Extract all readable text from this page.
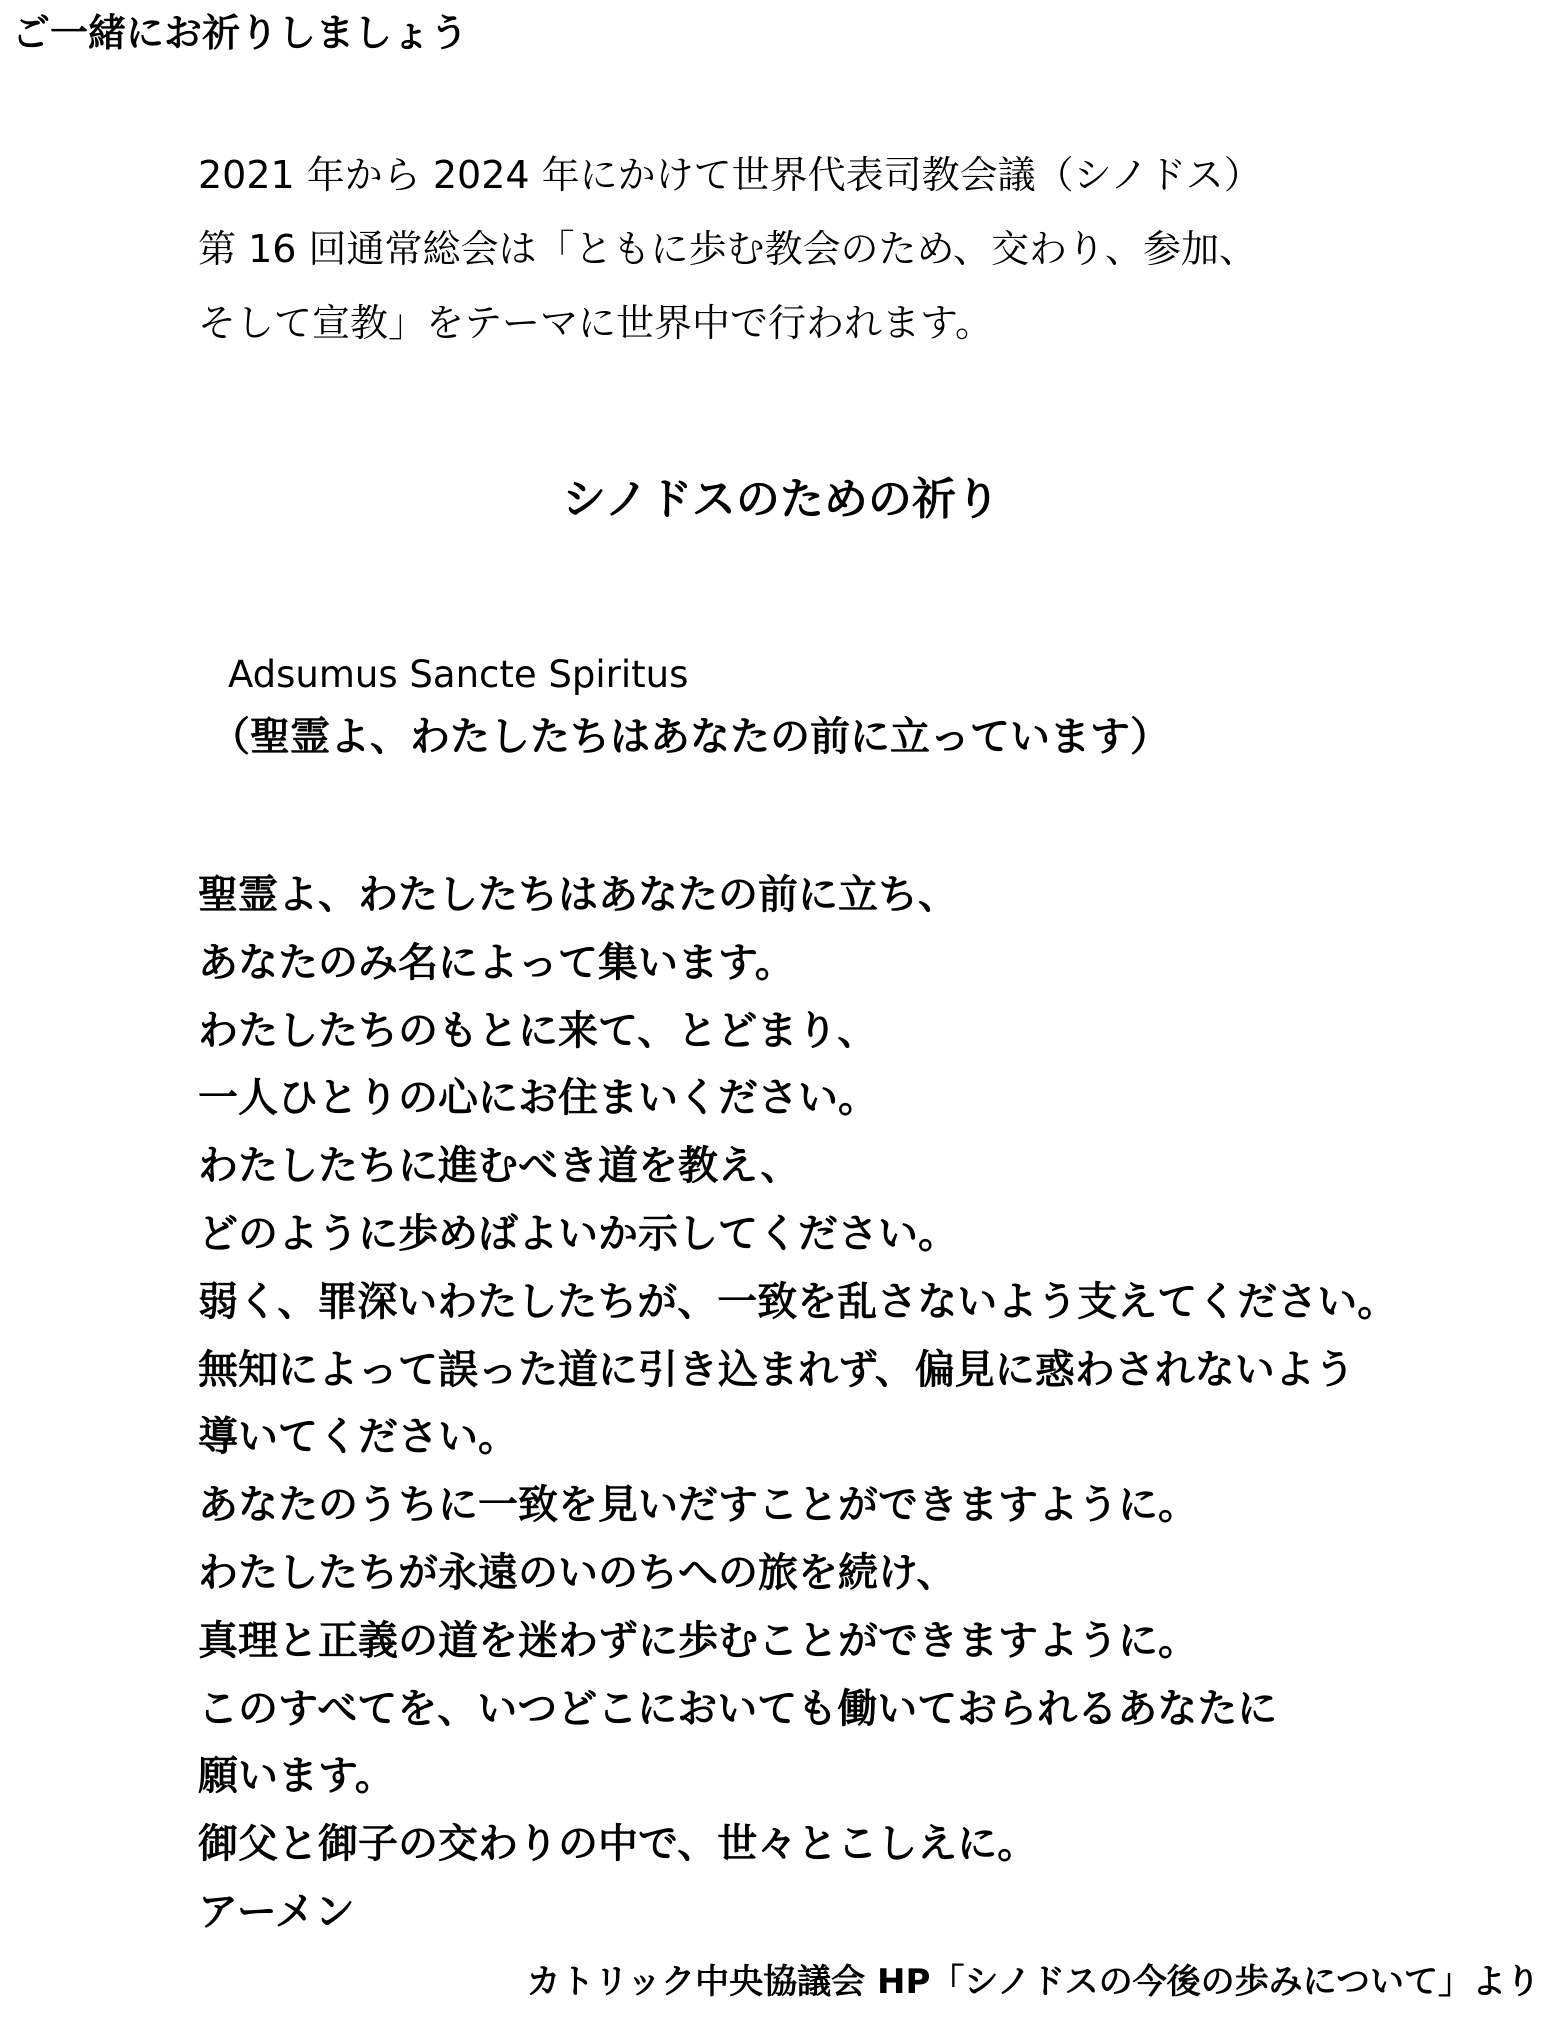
ご一緒にお祈りしましょう
2021 年から 2024 年にかけて世界代表司教会議（シノドス）
第 16 回通常総会は「ともに歩む教会のため、交わり、参加、
そして宣教」をテーマに世界中で行われます。
シノドスのための祈り
Adsumus Sancte Spiritus
（聖霊よ、わたしたちはあなたの前に立っています）
聖霊よ、わたしたちはあなたの前に立ち、
あなたのみ名によって集います。
わたしたちのもとに来て、とどまり、
一人ひとりの心にお住まいください。
わたしたちに進むべき道を教え、
どのように歩めばよいか示してください。
弱く、罪深いわたしたちが、一致を乱さないよう支えてください。
無知によって誤った道に引き込まれず、偏見に惑わされないよう
導いてください。
あなたのうちに一致を見いだすことができますように。
わたしたちが永遠のいのちへの旅を続け、
真理と正義の道を迷わずに歩むことができますように。
このすべてを、いつどこにおいても働いておられるあなたに
願います。
御父と御子の交わりの中で、世々とこしえに。
アーメン
カトリック中央協議会 HP「シノドスの今後の歩みについて」より
